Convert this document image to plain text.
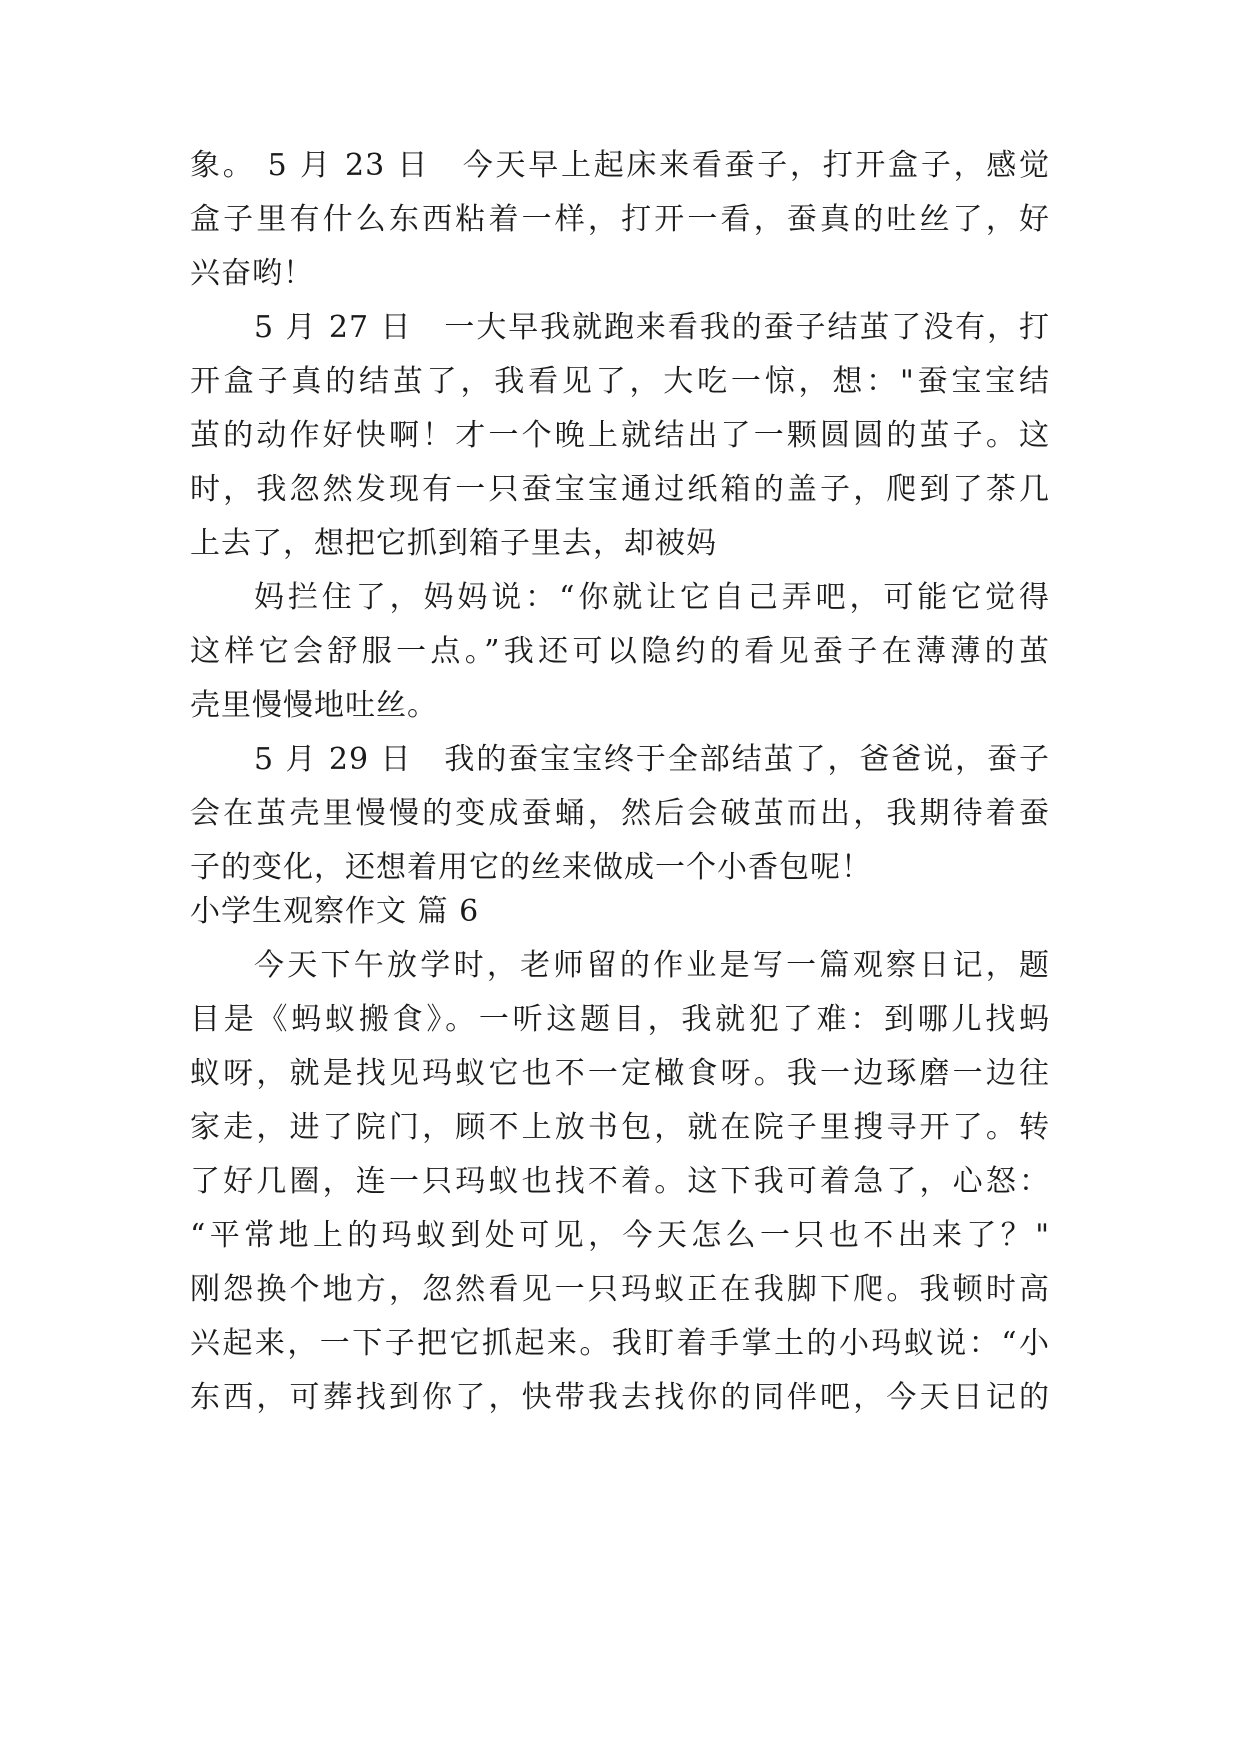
象。 5 月 23 日　今天早上起床来看蚕子，打开盒子，感觉
盒子里有什么东西粘着一样，打开一看，蚕真的吐丝了，好
兴奋哟！
5 月 27 日　一大早我就跑来看我的蚕子结茧了没有，打
开盒子真的结茧了，我看见了，大吃一惊，想："蚕宝宝结
茧的动作好快啊！才一个晚上就结出了一颗圆圆的茧子。这
时，我忽然发现有一只蚕宝宝通过纸箱的盖子，爬到了茶几
上去了，想把它抓到箱子里去，却被妈
妈拦住了，妈妈说：“你就让它自己弄吧，可能它觉得
这样它会舒服一点。”我还可以隐约的看见蚕子在薄薄的茧
壳里慢慢地吐丝。
5 月 29 日　我的蚕宝宝终于全部结茧了，爸爸说，蚕子
会在茧壳里慢慢的变成蚕蛹，然后会破茧而出，我期待着蚕
子的变化，还想着用它的丝来做成一个小香包呢！
小学生观察作文 篇 6
今天下午放学时，老师留的作业是写一篇观察日记，题
目是《蚂蚁搬食》。一听这题目，我就犯了难：到哪儿找蚂
蚁呀，就是找见玛蚁它也不一定橄食呀。我一边琢磨一边往
家走，进了院门，顾不上放书包，就在院子里搜寻开了。转
了好几圈，连一只玛蚁也找不着。这下我可着急了，心怒：
“平常地上的玛蚁到处可见，今天怎么一只也不出来了？"
刚怨换个地方，忽然看见一只玛蚁正在我脚下爬。我顿时高
兴起来，一下子把它抓起来。我盯着手掌土的小玛蚁说：“小
东西，可葬找到你了，快带我去找你的同伴吧，今天日记的
